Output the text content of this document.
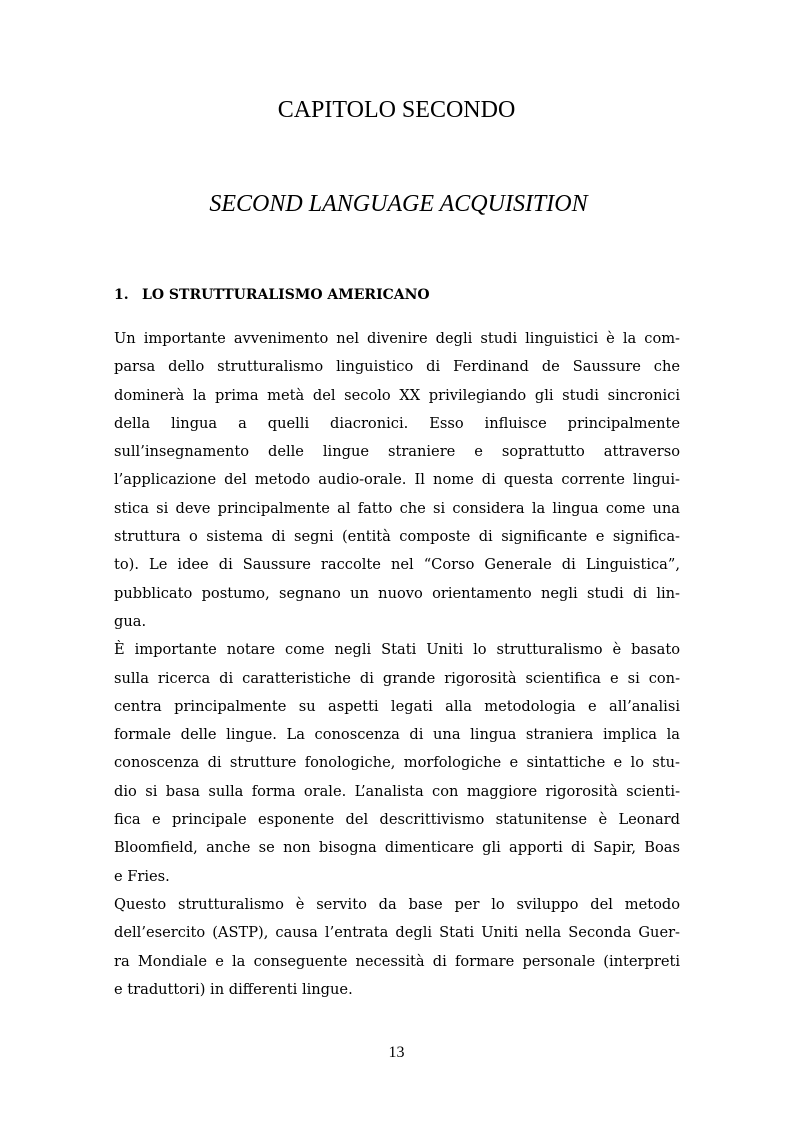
CAPITOLO SECONDO
SECOND LANGUAGE ACQUISITION
1. LO STRUTTURALISMO AMERICANO
Un importante avvenimento nel divenire degli studi linguistici è la com-
parsa dello strutturalismo linguistico di Ferdinand de Saussure che
dominerà la prima metà del secolo XX privilegiando gli studi sincronici
della lingua a quelli diacronici. Esso influisce principalmente
sull’insegnamento delle lingue straniere e soprattutto attraverso
l’applicazione del metodo audio-orale. Il nome di questa corrente lingui-
stica si deve principalmente al fatto che si considera la lingua come una
struttura o sistema di segni (entità composte di significante e significa-
to). Le idee di Saussure raccolte nel “Corso Generale di Linguistica”,
pubblicato postumo, segnano un nuovo orientamento negli studi di lin-
gua.
È importante notare come negli Stati Uniti lo strutturalismo è basato
sulla ricerca di caratteristiche di grande rigorosità scientifica e si con-
centra principalmente su aspetti legati alla metodologia e all’analisi
formale delle lingue. La conoscenza di una lingua straniera implica la
conoscenza di strutture fonologiche, morfologiche e sintattiche e lo stu-
dio si basa sulla forma orale. L’analista con maggiore rigorosità scienti-
fica e principale esponente del descrittivismo statunitense è Leonard
Bloomfield, anche se non bisogna dimenticare gli apporti di Sapir, Boas
e Fries.
Questo strutturalismo è servito da base per lo sviluppo del metodo
dell’esercito (ASTP), causa l’entrata degli Stati Uniti nella Seconda Guer-
ra Mondiale e la conseguente necessità di formare personale (interpreti
e traduttori) in differenti lingue.
13
